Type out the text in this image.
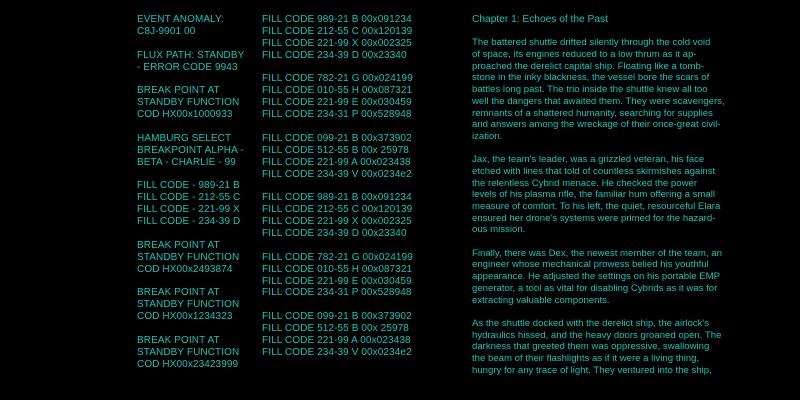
EVENT ANOMALY:
C8J-9901 00
FLUX PATH: STANDBY
- ERROR CODE 9943
BREAK POINT AT
STANDBY FUNCTION
COD HX00x1000933
HAMBURG SELECT
BREAKPOINT ALPHA -
BETA - CHARLIE - 99
FILL CODE - 989-21 B
FILL CODE - 212-55 C
FILL CODE - 221-99 X
FILL CODE - 234-39 D
BREAK POINT AT
STANDBY FUNCTION
COD HX00x2493874
BREAK POINT AT
STANDBY FUNCTION
COD HX00x1234323
BREAK POINT AT
STANDBY FUNCTION
COD HX00x23423999
FILL CODE 989-21 B 00x091234
FILL CODE 212-55 C 00x120139
FILL CODE 221-99 X 00x002325
FILL CODE 234-39 D 00x23340
FILL CODE 782-21 G 00x024199
FILL CODE 010-55 H 00x087321
FILL CODE 221-99 E 00x030459
FILL CODE 234-31 P 00x528948
FILL CODE 099-21 B 00x373902
FILL CODE 512-55 B 00x 25978
FILL CODE 221-99 A 00x023438
FILL CODE 234-39 V 00x0234e2
FILL CODE 989-21 B 00x091234
FILL CODE 212-55 C 00x120139
FILL CODE 221-99 X 00x002325
FILL CODE 234-39 D 00x23340
FILL CODE 782-21 G 00x024199
FILL CODE 010-55 H 00x087321
FILL CODE 221-99 E 00x030459
FILL CODE 234-31 P 00x528948
FILL CODE 099-21 B 00x373902
FILL CODE 512-55 B 00x 25978
FILL CODE 221-99 A 00x023438
FILL CODE 234-39 V 00x0234e2
Chapter 1: Echoes of the Past
The battered shuttle drifted silently through the cold void
of space, its engines reduced to a low thrum as it ap-
proached the derelict capital ship. Floating like a tomb-
stone in the inky blackness, the vessel bore the scars of
battles long past. The trio inside the shuttle knew all too
well the dangers that awaited them. They were scavengers,
remnants of a shattered humanity, searching for supplies
and answers among the wreckage of their once-great civil-
ization.
Jax, the team's leader, was a grizzled veteran, his face
etched with lines that told of countless skirmishes against
the relentless Cybrid menace. He checked the power
levels of his plasma rifle, the familiar hum offering a small
measure of comfort. To his left, the quiet, resourceful Elara
ensured her drone's systems were primed for the hazard-
ous mission.
Finally, there was Dex, the newest member of the team, an
engineer whose mechanical prowess belied his youthful
appearance. He adjusted the settings on his portable EMP
generator, a tool as vital for disabling Cybrids as it was for
extracting valuable components.
As the shuttle docked with the derelict ship, the airlock's
hydraulics hissed, and the heavy doors groaned open. The
darkness that greeted them was oppressive, swallowing
the beam of their flashlights as if it were a living thing,
hungry for any trace of light. They ventured into the ship,
